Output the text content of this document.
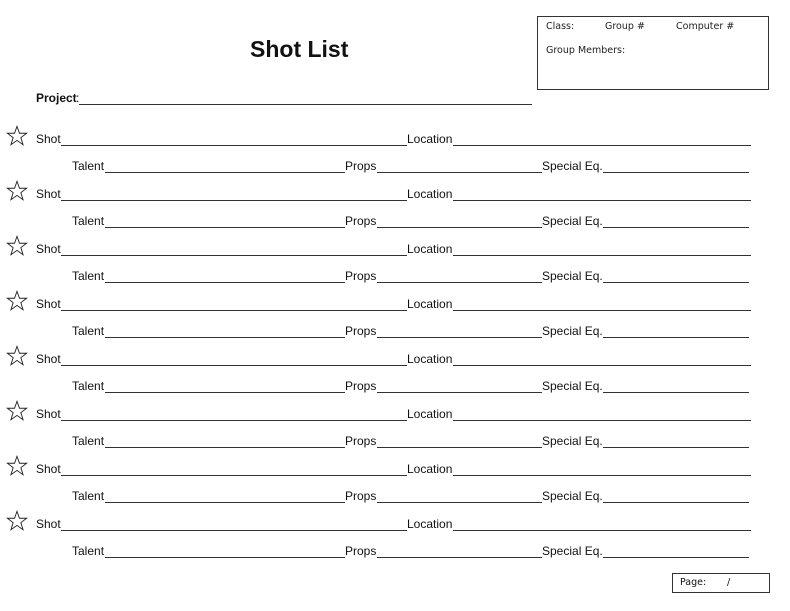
Shot List
Class:	Group #	Computer #
Group Members:
Project :
Shot	Location
Talent	Props	Special Eq.
Shot	Location
Talent	Props	Special Eq.
Shot	Location
Talent	Props	Special Eq.
Shot	Location
Talent	Props	Special Eq.
Shot	Location
Talent	Props	Special Eq.
Shot	Location
Talent	Props	Special Eq.
Shot	Location
Talent	Props	Special Eq.
Shot	Location
Talent	Props	Special Eq.
Page: /
